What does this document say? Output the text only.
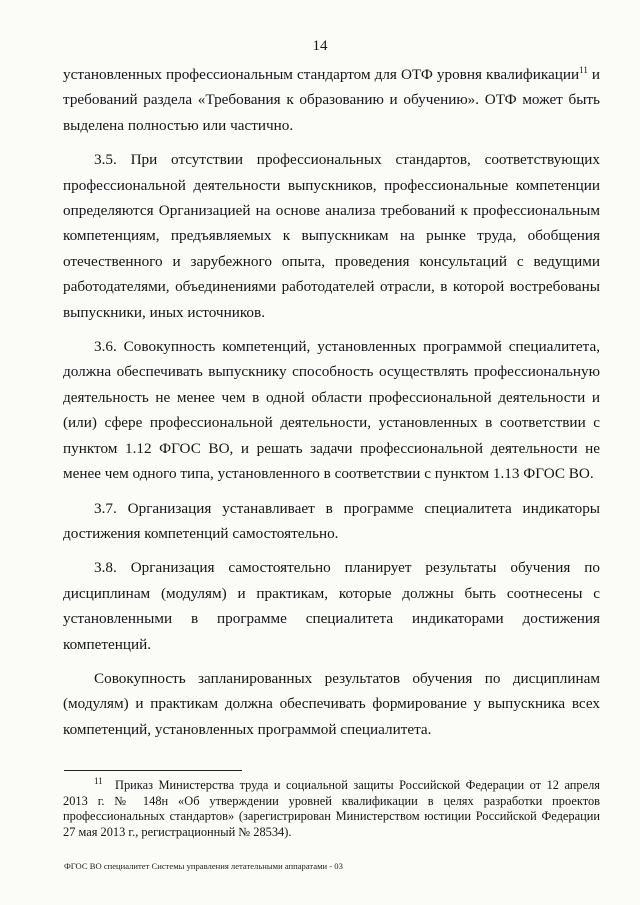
14

установленных профессиональным стандартом для ОТФ уровня квалификации$^{11}$ и требований раздела «Требования к образованию и обучению». ОТФ может быть выделена полностью или частично.

3.5. При отсутствии профессиональных стандартов, соответствующих профессиональной деятельности выпускников, профессиональные компетенции определяются Организацией на основе анализа требований к профессиональным компетенциям, предъявляемых к выпускникам на рынке труда, обобщения отечественного и зарубежного опыта, проведения консультаций с ведущими работодателями, объединениями работодателей отрасли, в которой востребованы выпускники, иных источников.

3.6. Совокупность компетенций, установленных программой специалитета, должна обеспечивать выпускнику способность осуществлять профессиональную деятельность не менее чем в одной области профессиональной деятельности и (или) сфере профессиональной деятельности, установленных в соответствии с пунктом 1.12 ФГОС ВО, и решать задачи профессиональной деятельности не менее чем одного типа, установленного в соответствии с пунктом 1.13 ФГОС ВО.

3.7. Организация устанавливает в программе специалитета индикаторы достижения компетенций самостоятельно.

3.8. Организация самостоятельно планирует результаты обучения по дисциплинам (модулям) и практикам, которые должны быть соотнесены с установленными в программе специалитета индикаторами достижения компетенций.

Совокупность запланированных результатов обучения по дисциплинам (модулям) и практикам должна обеспечивать формирование у выпускника всех компетенций, установленных программой специалитета.

$^{11}$ Приказ Министерства труда и социальной защиты Российской Федерации от 12 апреля 2013 г. № 148н «Об утверждении уровней квалификации в целях разработки проектов профессиональных стандартов» (зарегистрирован Министерством юстиции Российской Федерации 27 мая 2013 г., регистрационный № 28534).
ФГОС ВО специалитет Системы управления летательными аппаратами - 03
